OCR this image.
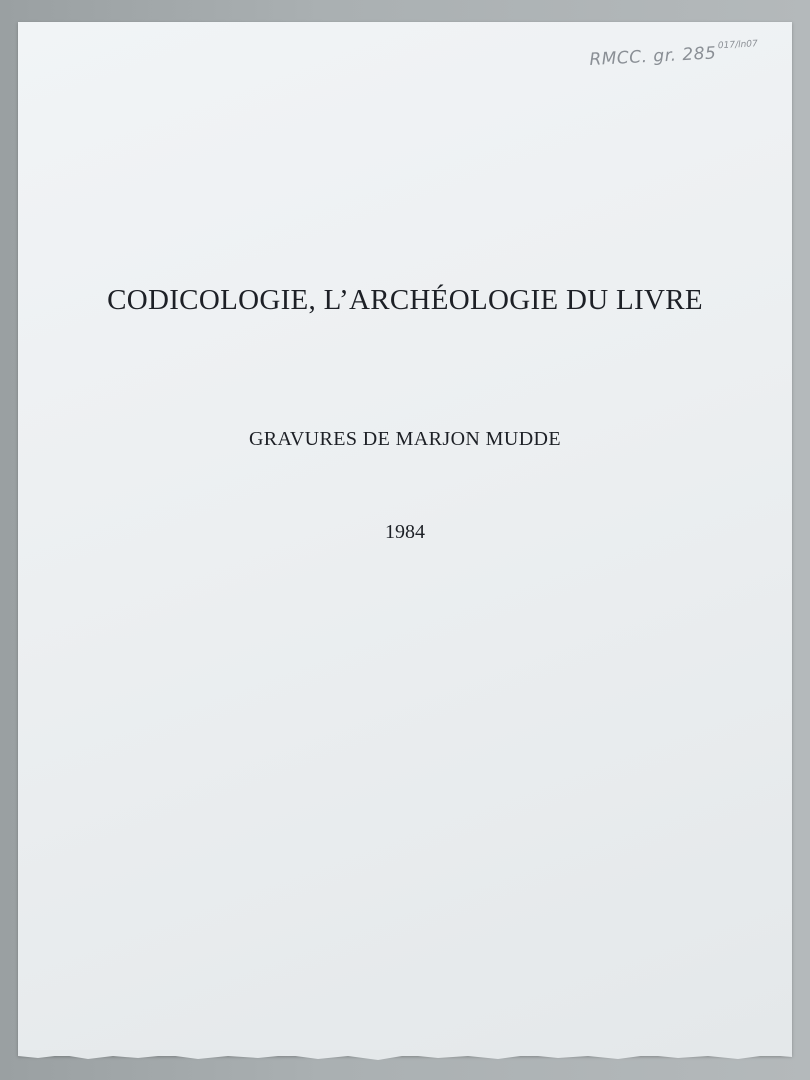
RMCC. gr. $285^{017/ln07}$
CODICOLOGIE, L’ARCHÉOLOGIE DU LIVRE
GRAVURES DE MARJON MUDDE
1984
